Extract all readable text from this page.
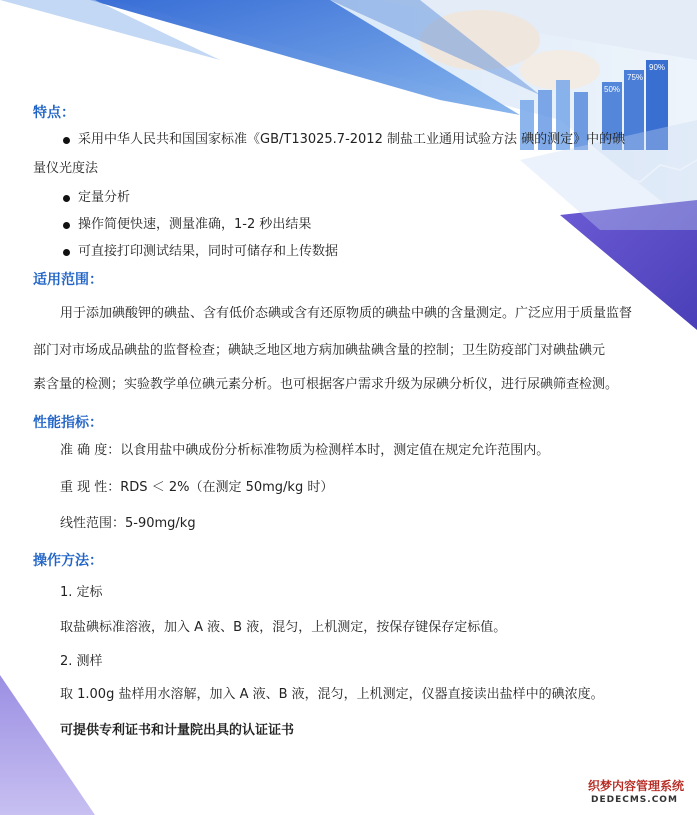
50%
75%
90%
特点：
采用中华人民共和国国家标准《GB/T13025.7-2012 制盐工业通用试验方法 碘的测定》中的碘
量仪光度法
定量分析
操作简便快速，测量准确，1-2 秒出结果
可直接打印测试结果，同时可储存和上传数据
适用范围：
用于添加碘酸钾的碘盐、含有低价态碘或含有还原物质的碘盐中碘的含量测定。广泛应用于质量监督
部门对市场成品碘盐的监督检查；碘缺乏地区地方病加碘盐碘含量的控制；卫生防疫部门对碘盐碘元
素含量的检测；实验教学单位碘元素分析。也可根据客户需求升级为尿碘分析仪，进行尿碘筛查检测。
性能指标：
准 确 度：以食用盐中碘成份分析标准物质为检测样本时，测定值在规定允许范围内。
重 现 性：RDS ＜ 2%（在测定 50mg/kg 时）
线性范围：5-90mg/kg
操作方法：
1. 定标
取盐碘标准溶液，加入 A 液、B 液，混匀，上机测定，按保存键保存定标值。
2. 测样
取 1.00g 盐样用水溶解，加入 A 液、B 液，混匀，上机测定，仪器直接读出盐样中的碘浓度。
可提供专利证书和计量院出具的认证证书
织梦内容管理系统
DEDECMS.COM
